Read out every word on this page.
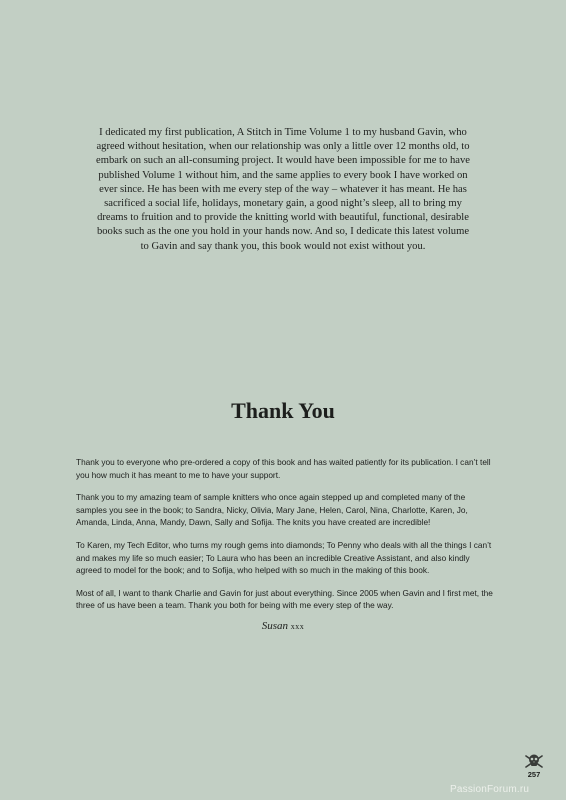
I dedicated my first publication, A Stitch in Time Volume 1 to my husband Gavin, who agreed without hesitation, when our relationship was only a little over 12 months old, to embark on such an all-consuming project. It would have been impossible for me to have published Volume 1 without him, and the same applies to every book I have worked on ever since. He has been with me every step of the way – whatever it has meant. He has sacrificed a social life, holidays, monetary gain, a good night’s sleep, all to bring my dreams to fruition and to provide the knitting world with beautiful, functional, desirable books such as the one you hold in your hands now. And so, I dedicate this latest volume to Gavin and say thank you, this book would not exist without you.

Thank You

Thank you to everyone who pre-ordered a copy of this book and has waited patiently for its publication. I can’t tell you how much it has meant to me to have your support.

Thank you to my amazing team of sample knitters who once again stepped up and completed many of the samples you see in the book; to Sandra, Nicky, Olivia, Mary Jane, Helen, Carol, Nina, Charlotte, Karen, Jo, Amanda, Linda, Anna, Mandy, Dawn, Sally and Sofija. The knits you have created are incredible!

To Karen, my Tech Editor, who turns my rough gems into diamonds; To Penny who deals with all the things I can’t and makes my life so much easier; To Laura who has been an incredible Creative Assistant, and also kindly agreed to model for the book; and to Sofija, who helped with so much in the making of this book.

Most of all, I want to thank Charlie and Gavin for just about everything. Since 2005 when Gavin and I first met, the three of us have been a team. Thank you both for being with me every step of the way.

Susan xxx
257
PassionForum.ru
